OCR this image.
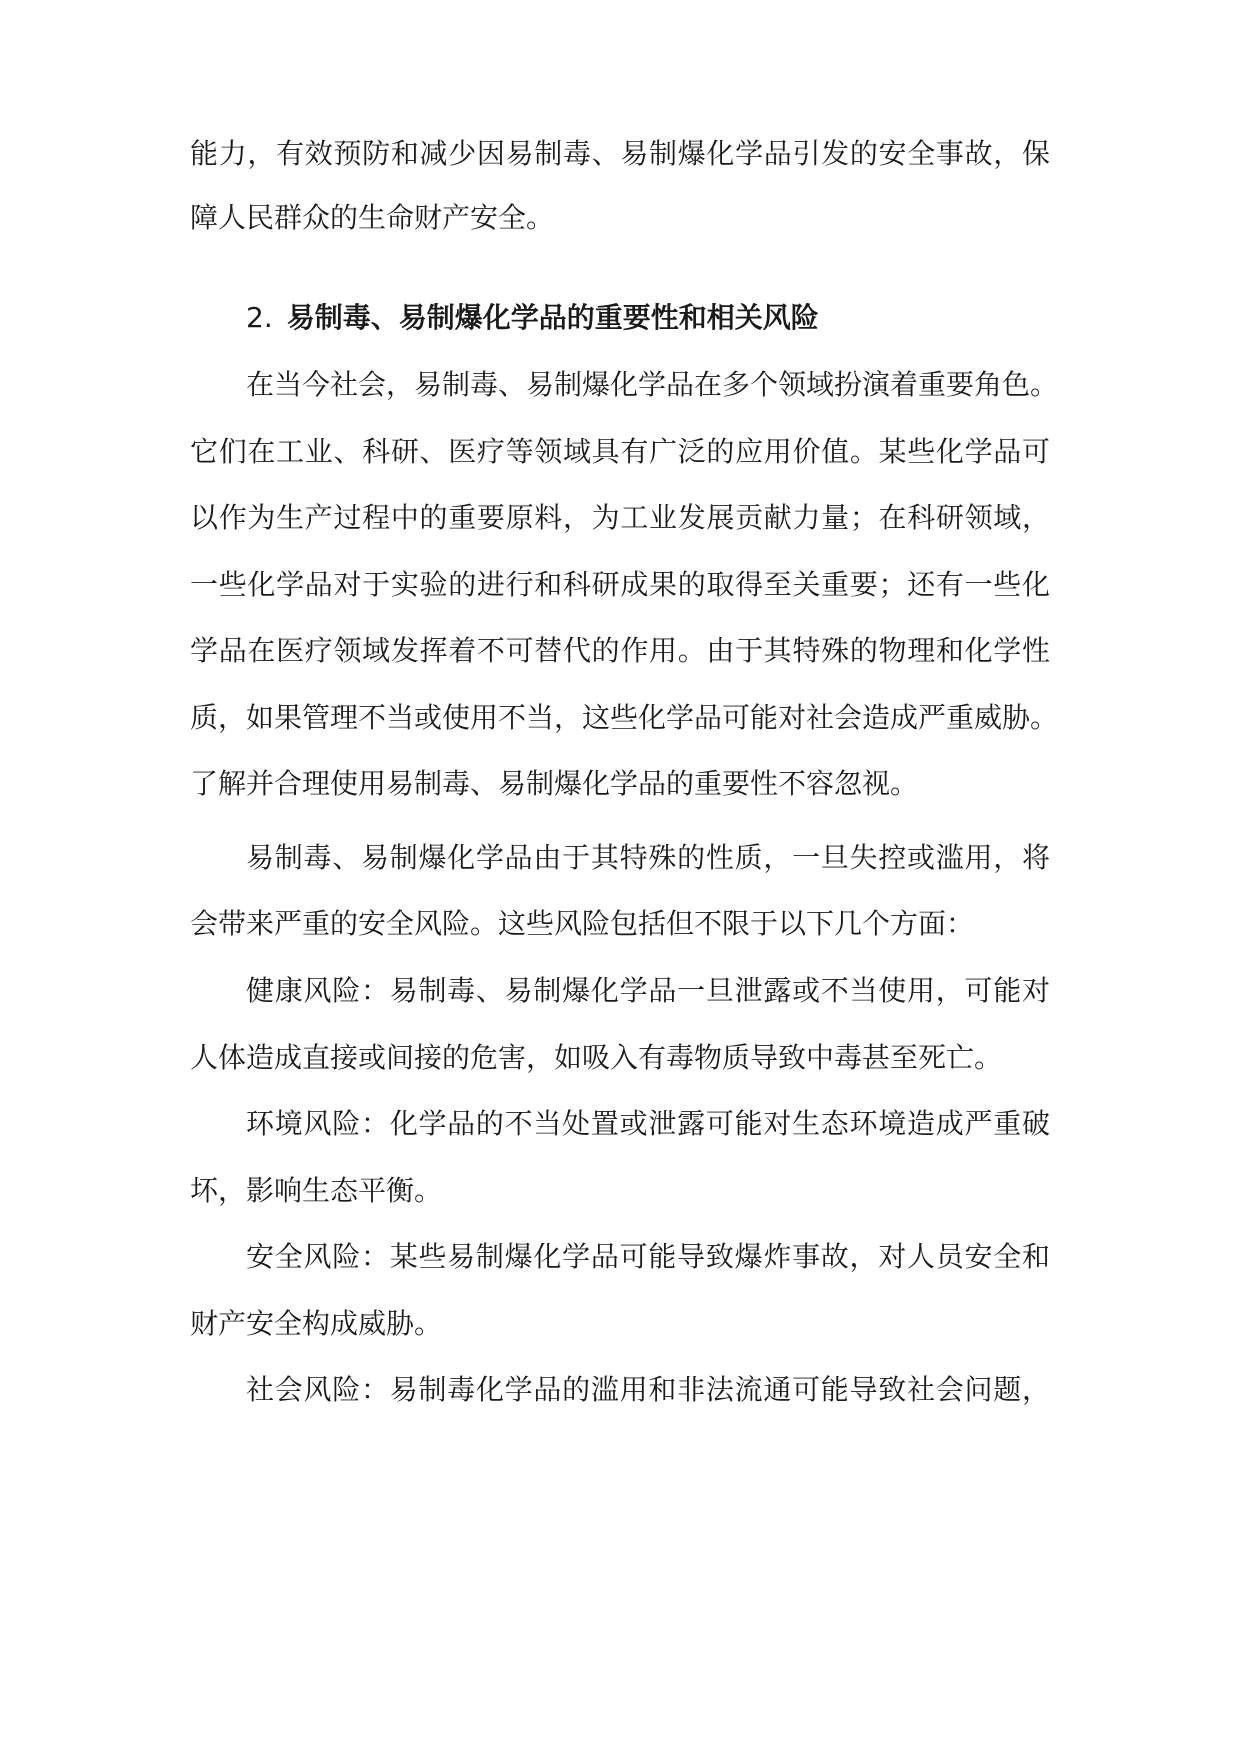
能力，有效预防和减少因易制毒、易制爆化学品引发的安全事故，保
障人民群众的生命财产安全。
2. 易制毒、易制爆化学品的重要性和相关风险
在当今社会，易制毒、易制爆化学品在多个领域扮演着重要角色。
它们在工业、科研、医疗等领域具有广泛的应用价值。某些化学品可
以作为生产过程中的重要原料，为工业发展贡献力量；在科研领域，
一些化学品对于实验的进行和科研成果的取得至关重要；还有一些化
学品在医疗领域发挥着不可替代的作用。由于其特殊的物理和化学性
质，如果管理不当或使用不当，这些化学品可能对社会造成严重威胁。
了解并合理使用易制毒、易制爆化学品的重要性不容忽视。
易制毒、易制爆化学品由于其特殊的性质，一旦失控或滥用，将
会带来严重的安全风险。这些风险包括但不限于以下几个方面：
健康风险：易制毒、易制爆化学品一旦泄露或不当使用，可能对
人体造成直接或间接的危害，如吸入有毒物质导致中毒甚至死亡。
环境风险：化学品的不当处置或泄露可能对生态环境造成严重破
坏，影响生态平衡。
安全风险：某些易制爆化学品可能导致爆炸事故，对人员安全和
财产安全构成威胁。
社会风险：易制毒化学品的滥用和非法流通可能导致社会问题，
